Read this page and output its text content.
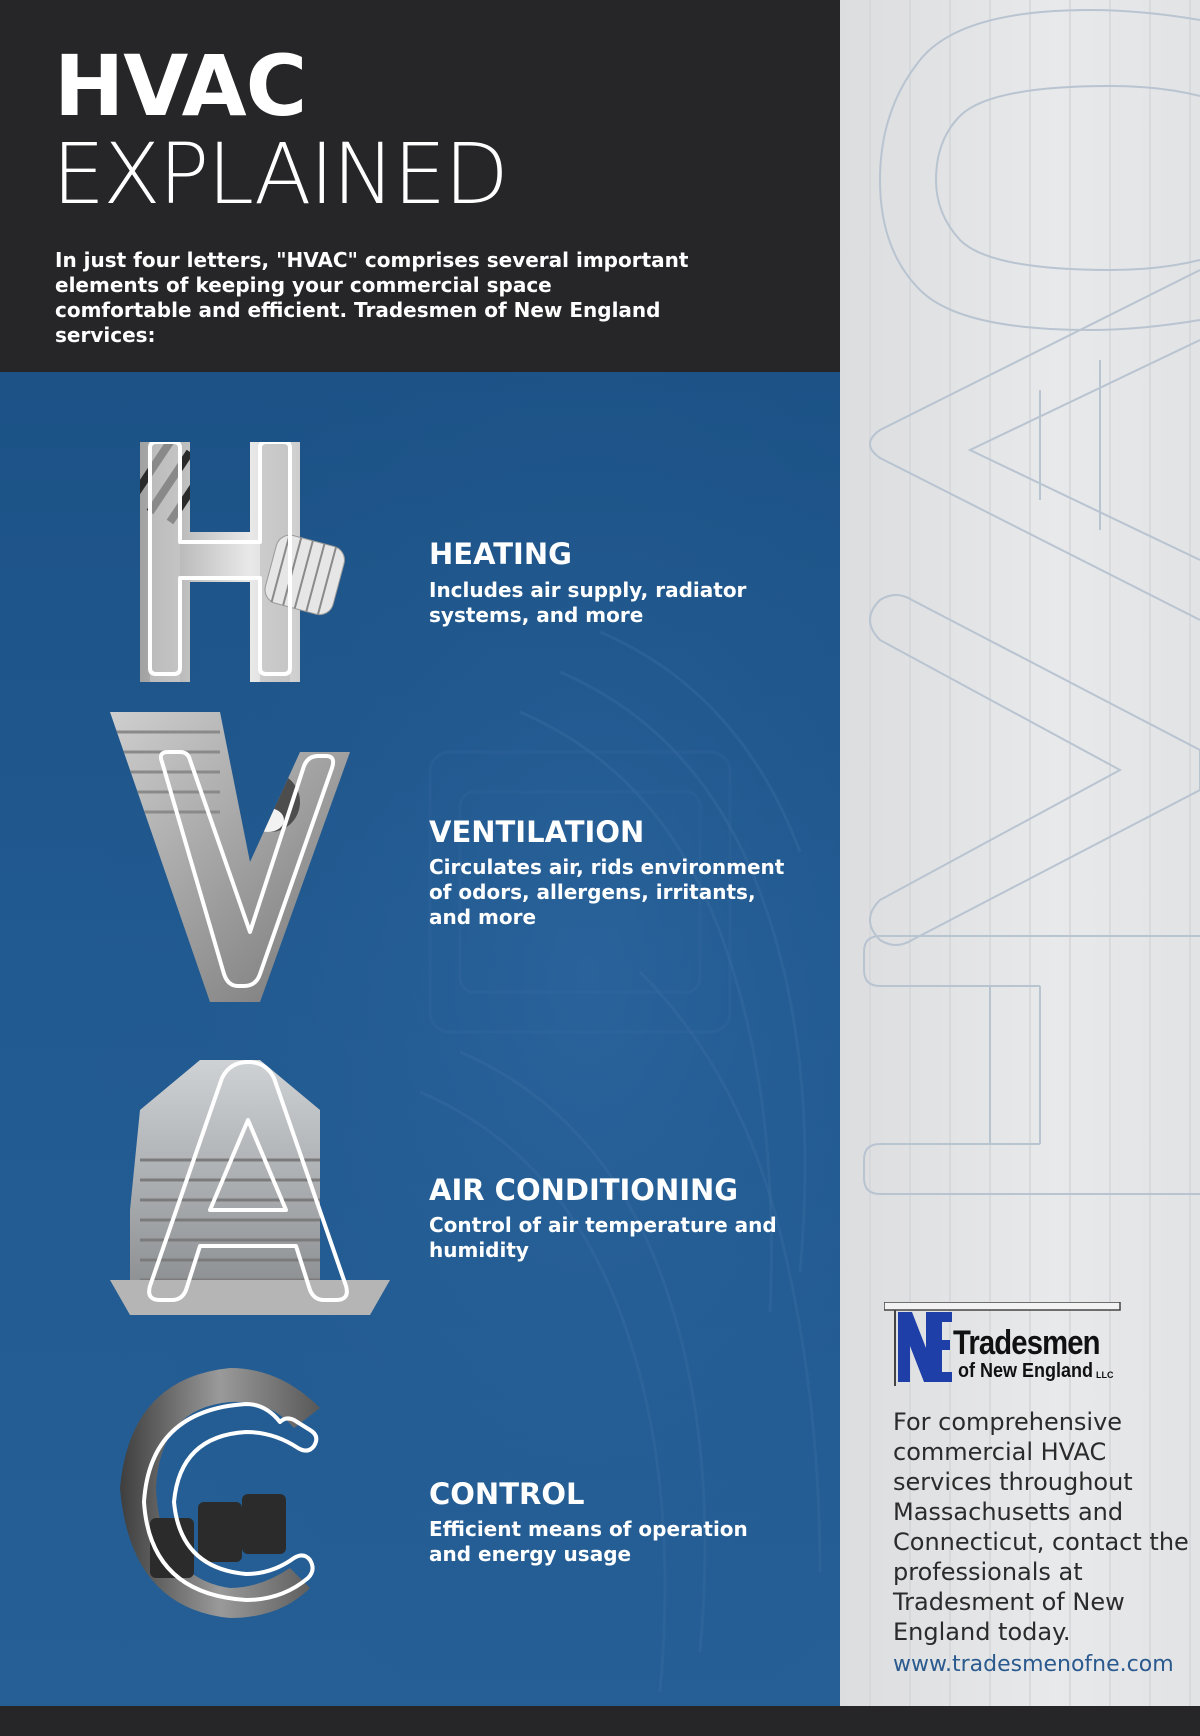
HVAC
EXPLAINED
In just four letters, "HVAC" comprises several important elements of keeping your commercial space comfortable and efficient. Tradesmen of New England services:
HEATING
Includes air supply, radiator systems, and more
VENTILATION
Circulates air, rids environment of odors, allergens, irritants, and more
AIR CONDITIONING
Control of air temperature and humidity
CONTROL
Efficient means of operation and energy usage
Tradesmen
of New England LLC
For comprehensive commercial HVAC services throughout Massachusetts and Connecticut, contact the professionals at Tradesment of New England today.
www.tradesmenofne.com
